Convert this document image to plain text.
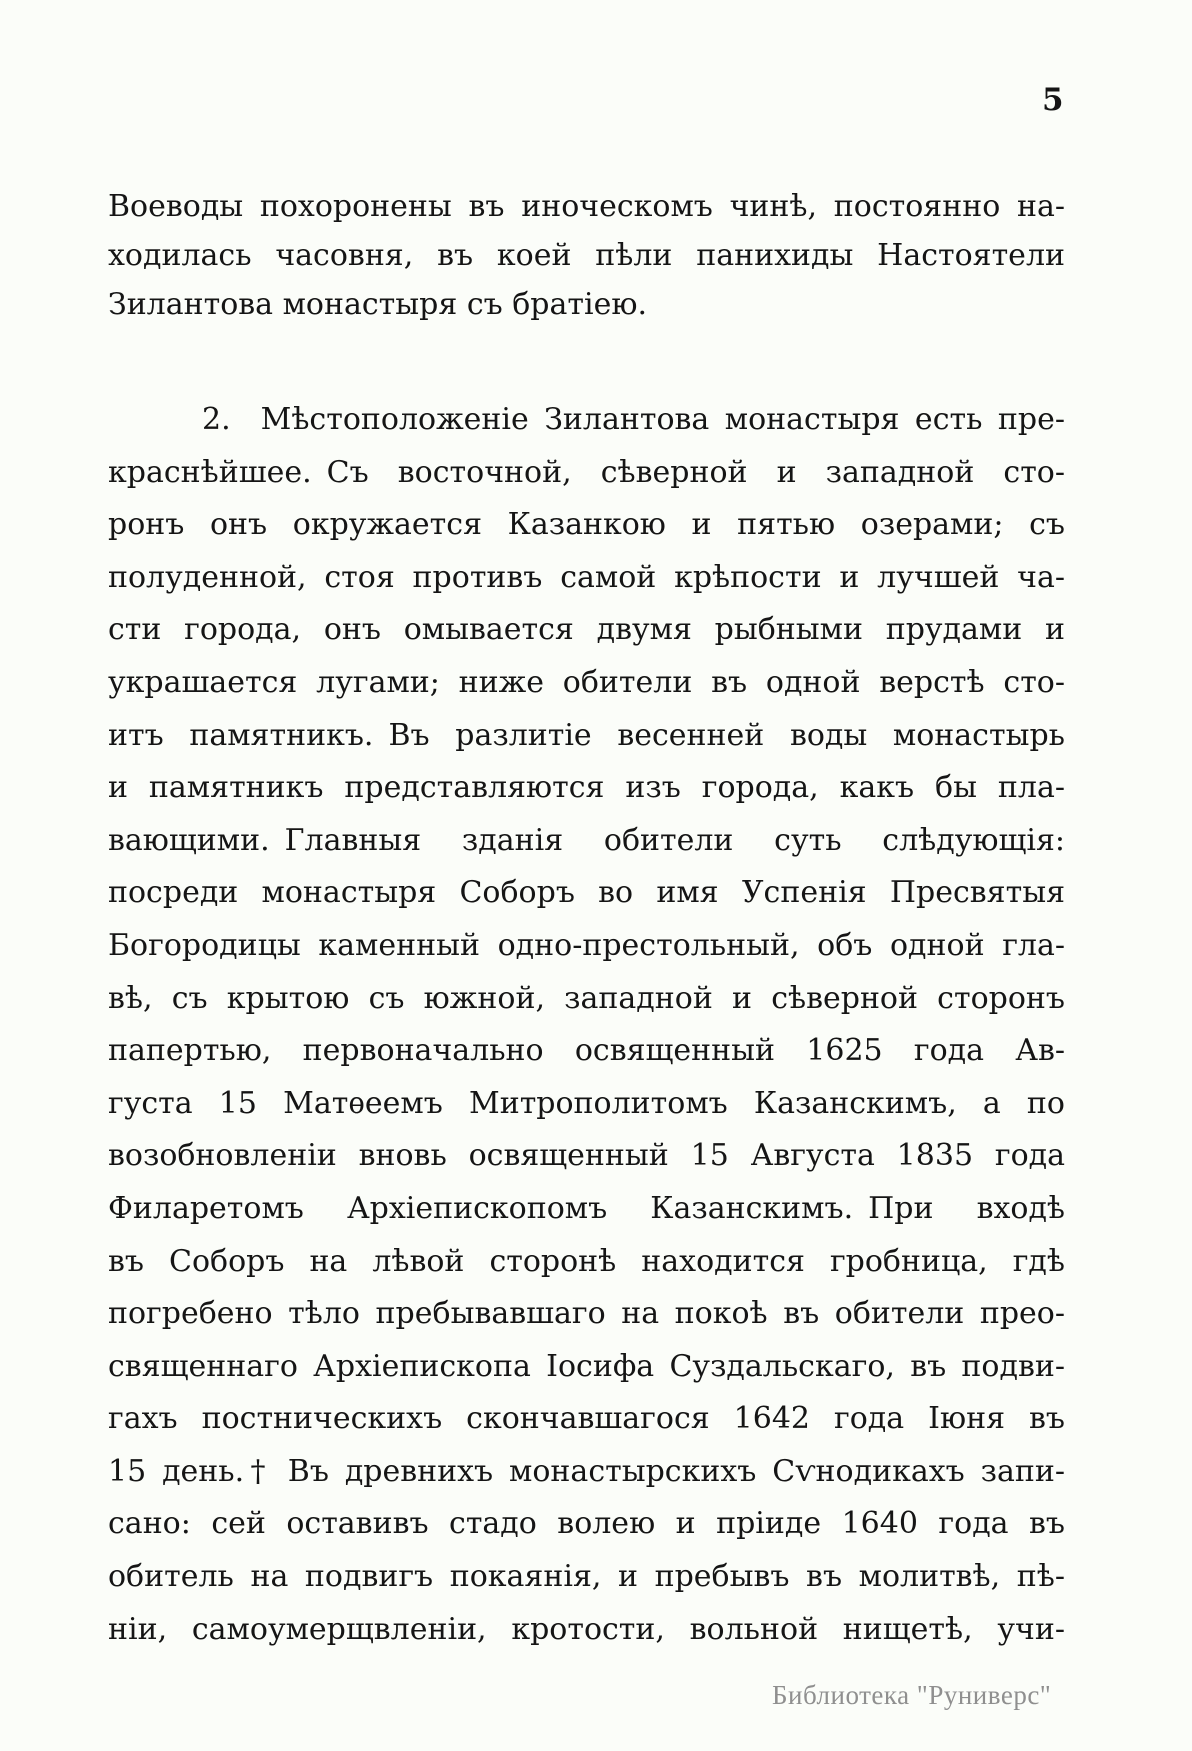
5
Воеводы похоронены въ иноческомъ чинѣ, постоянно на-
ходилась часовня, въ коей пѣли панихиды Настоятели
Зилантова монастыря съ братіею.
2. Мѣстоположеніе Зилантова монастыря есть пре-
краснѣйшее. Съ восточной, сѣверной и западной сто-
ронъ онъ окружается Казанкою и пятью озерами; съ
полуденной, стоя противъ самой крѣпости и лучшей ча-
сти города, онъ омывается двумя рыбными прудами и
украшается лугами; ниже обители въ одной верстѣ сто-
итъ памятникъ. Въ разлитіе весенней воды монастырь
и памятникъ представляются изъ города, какъ бы пла-
вающими. Главныя зданія обители суть слѣдующія:
посреди монастыря Соборъ во имя Успенія Пресвятыя
Богородицы каменный одно-престольный, объ одной гла-
вѣ, съ крытою съ южной, западной и сѣверной сторонъ
папертью, первоначально освященный 1625 года Ав-
густа 15 Матѳеемъ Митрополитомъ Казанскимъ, а по
возобновленіи вновь освященный 15 Августа 1835 года
Филаретомъ Архіепископомъ Казанскимъ. При входѣ
въ Соборъ на лѣвой сторонѣ находится гробница, гдѣ
погребено тѣло пребывавшаго на покоѣ въ обители прео-
священнаго Архіепископа Іосифа Суздальскаго, въ подви-
гахъ постническихъ скончавшагося 1642 года Іюня въ
15 день.† Въ древнихъ монастырскихъ Сѵнодикахъ запи-
сано: сей оставивъ стадо волею и пріиде 1640 года въ
обитель на подвигъ покаянія, и пребывъ въ молитвѣ, пѣ-
ніи, самоумерщвленіи, кротости, вольной нищетѣ, учи-
Библиотека "Руниверс"
